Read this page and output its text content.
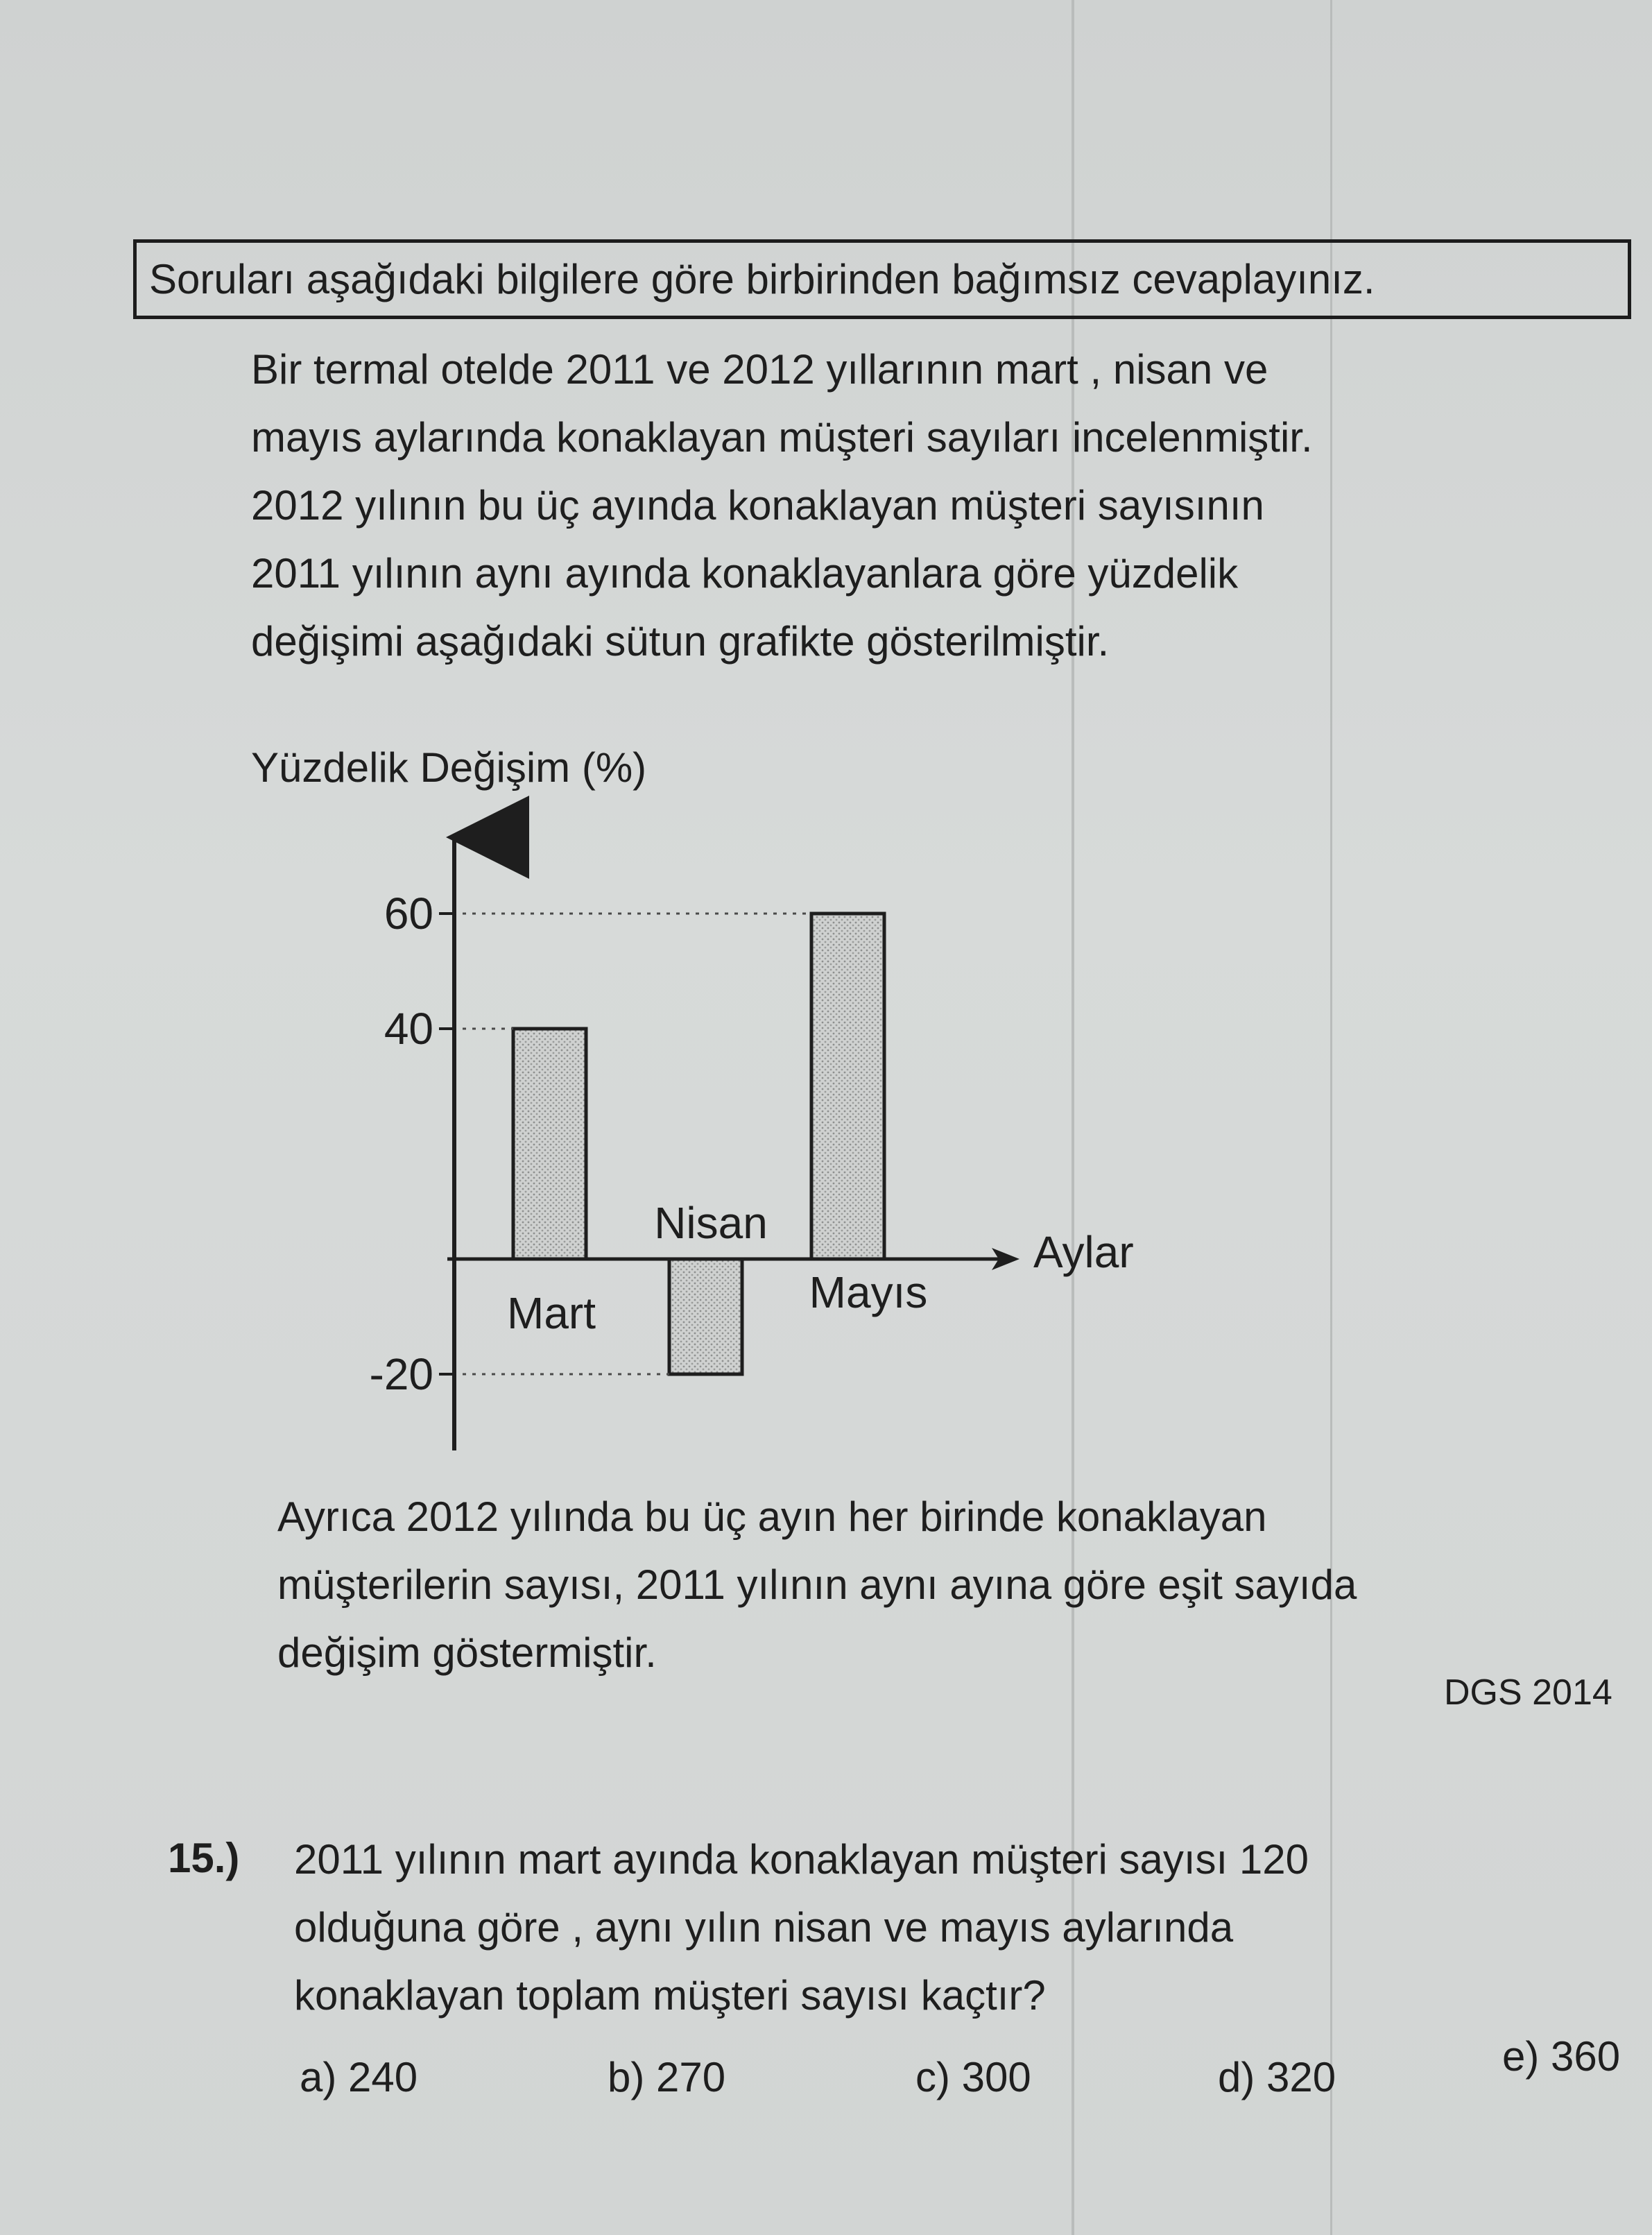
Soruları aşağıdaki bilgilere göre birbirinden bağımsız cevaplayınız.
Bir termal otelde 2011 ve 2012 yıllarının mart , nisan ve
mayıs aylarında konaklayan müşteri sayıları incelenmiştir.
2012 yılının bu üç ayında konaklayan müşteri sayısının
2011 yılının aynı ayında konaklayanlara göre yüzdelik
değişimi aşağıdaki sütun grafikte gösterilmiştir.
Yüzdelik Değişim (%)
Aylar
Mart
Nisan
Mayıs
60
40
-20
Ayrıca 2012 yılında bu üç ayın her birinde konaklayan
müşterilerin sayısı, 2011 yılının aynı ayına göre eşit sayıda
değişim göstermiştir.
DGS 2014
15.) 2011 yılının mart ayında konaklayan müşteri sayısı 120
olduğuna göre , aynı yılın nisan ve mayıs aylarında
konaklayan toplam müşteri sayısı kaçtır?
a) 240	b) 270	c) 300	d) 320	e) 360
